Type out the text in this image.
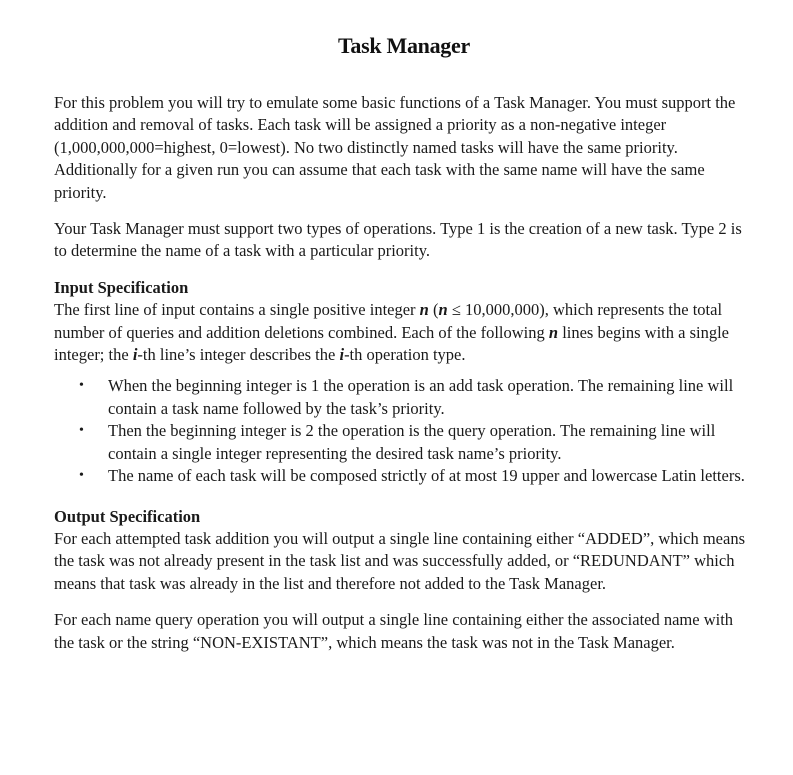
Task Manager

For this problem you will try to emulate some basic functions of a Task Manager. You must support the addition and removal of tasks. Each task will be assigned a priority as a non-negative integer (1,000,000,000=highest, 0=lowest). No two distinctly named tasks will have the same priority. Additionally for a given run you can assume that each task with the same name will have the same priority.

Your Task Manager must support two types of operations. Type 1 is the creation of a new task. Type 2 is to determine the name of a task with a particular priority.

Input Specification

The first line of input contains a single positive integer n (n ≤ 10,000,000), which represents the total number of queries and addition deletions combined. Each of the following n lines begins with a single integer; the i-th line’s integer describes the i-th operation type.

• When the beginning integer is 1 the operation is an add task operation. The remaining line will contain a task name followed by the task’s priority.
• Then the beginning integer is 2 the operation is the query operation. The remaining line will contain a single integer representing the desired task name’s priority.
• The name of each task will be composed strictly of at most 19 upper and lowercase Latin letters.
Output Specification

For each attempted task addition you will output a single line containing either “ADDED”, which means the task was not already present in the task list and was successfully added, or “REDUNDANT” which means that task was already in the list and therefore not added to the Task Manager.

For each name query operation you will output a single line containing either the associated name with the task or the string “NON-EXISTANT”, which means the task was not in the Task Manager.
